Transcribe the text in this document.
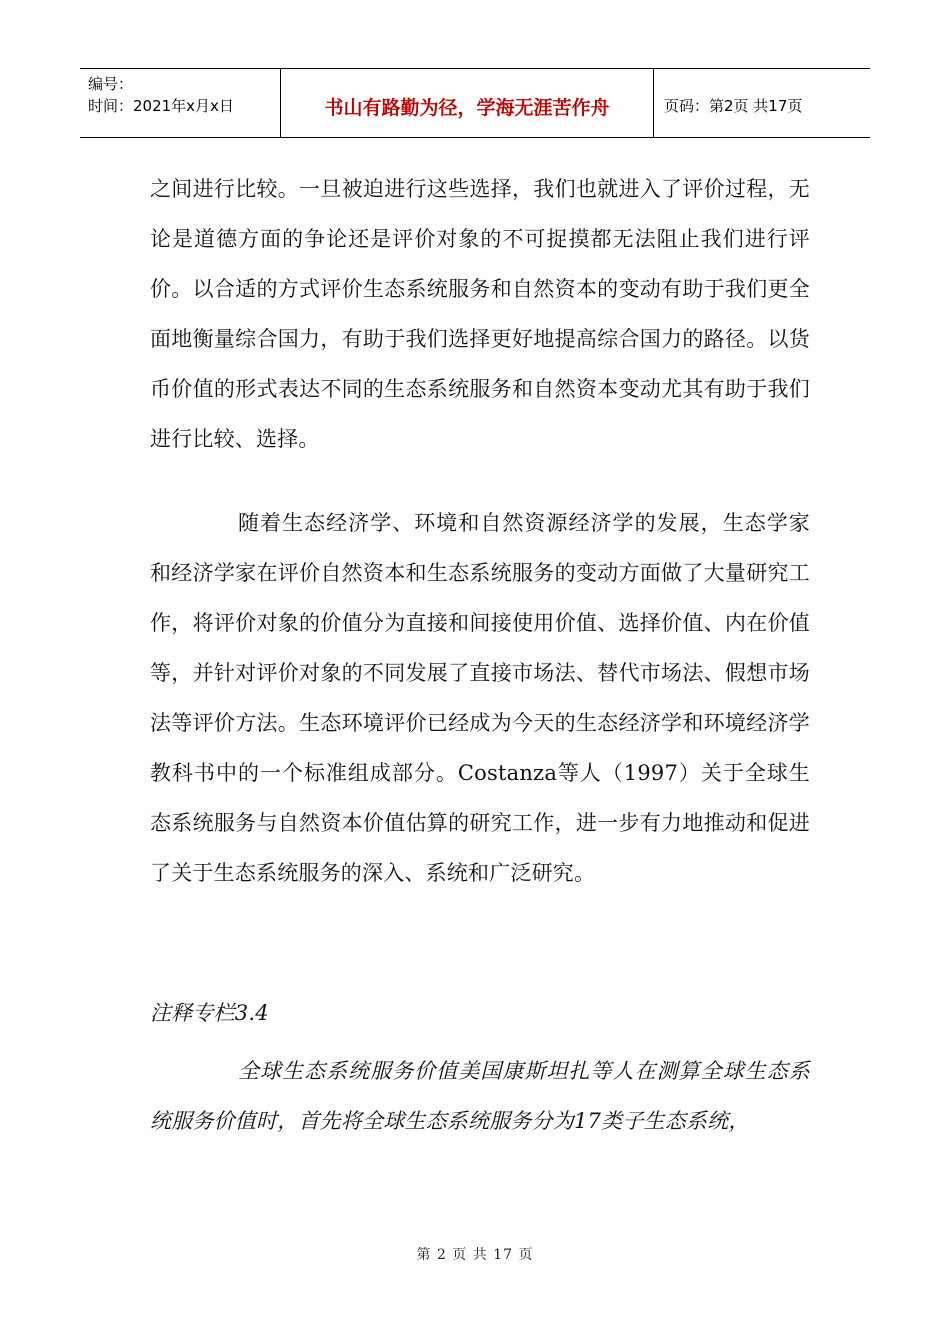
编号：
时间：2021年x月x日	书山有路勤为径，学海无涯苦作舟	页码：第2页 共17页

之间进行比较。一旦被迫进行这些选择，我们也就进入了评价过程，无论是道德方面的争论还是评价对象的不可捉摸都无法阻止我们进行评价。以合适的方式评价生态系统服务和自然资本的变动有助于我们更全面地衡量综合国力，有助于我们选择更好地提高综合国力的路径。以货币价值的形式表达不同的生态系统服务和自然资本变动尤其有助于我们进行比较、选择。

随着生态经济学、环境和自然资源经济学的发展，生态学家和经济学家在评价自然资本和生态系统服务的变动方面做了大量研究工作，将评价对象的价值分为直接和间接使用价值、选择价值、内在价值等，并针对评价对象的不同发展了直接市场法、替代市场法、假想市场法等评价方法。生态环境评价已经成为今天的生态经济学和环境经济学教科书中的一个标准组成部分。Costanza等人（1997）关于全球生态系统服务与自然资本价值估算的研究工作，进一步有力地推动和促进了关于生态系统服务的深入、系统和广泛研究。

注释专栏3.4

全球生态系统服务价值美国康斯坦扎等人在测算全球生态系统服务价值时，首先将全球生态系统服务分为17类子生态系统，

第 2 页 共 17 页
